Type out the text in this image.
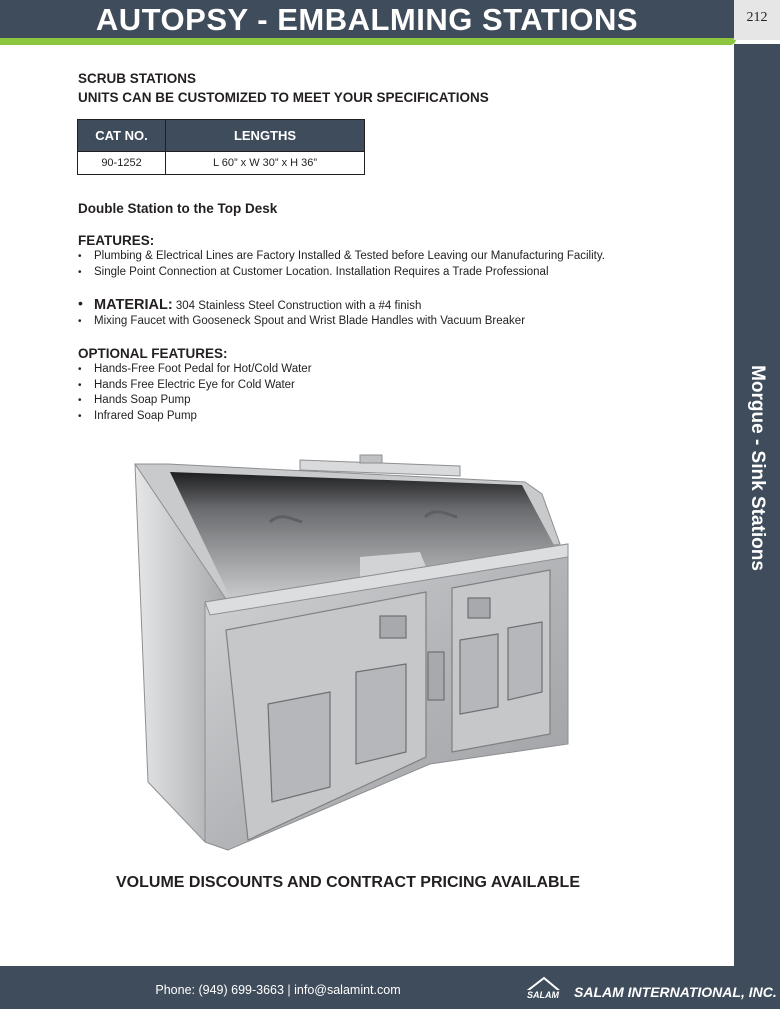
AUTOPSY - EMBALMING STATIONS	212
Morgue - Sink Stations
SCRUB STATIONS
UNITS CAN BE CUSTOMIZED TO MEET YOUR SPECIFICATIONS
CAT NO.	LENGTHS
90-1252	L 60” x W 30” x H 36”
Double Station to the Top Desk
FEATURES:
• Plumbing & Electrical Lines are Factory Installed & Tested before Leaving our Manufacturing Facility.
• Single Point Connection at Customer Location. Installation Requires a Trade Professional
• MATERIAL: 304 Stainless Steel Construction with a #4 finish
• Mixing Faucet with Gooseneck Spout and Wrist Blade Handles with Vacuum Breaker
OPTIONAL FEATURES:
• Hands-Free Foot Pedal for Hot/Cold Water
• Hands Free Electric Eye for Cold Water
• Hands Soap Pump
• Infrared Soap Pump
VOLUME DISCOUNTS AND CONTRACT PRICING AVAILABLE
Phone: (949) 699-3663 | info@salamint.com	SALAM SALAM INTERNATIONAL, INC.
